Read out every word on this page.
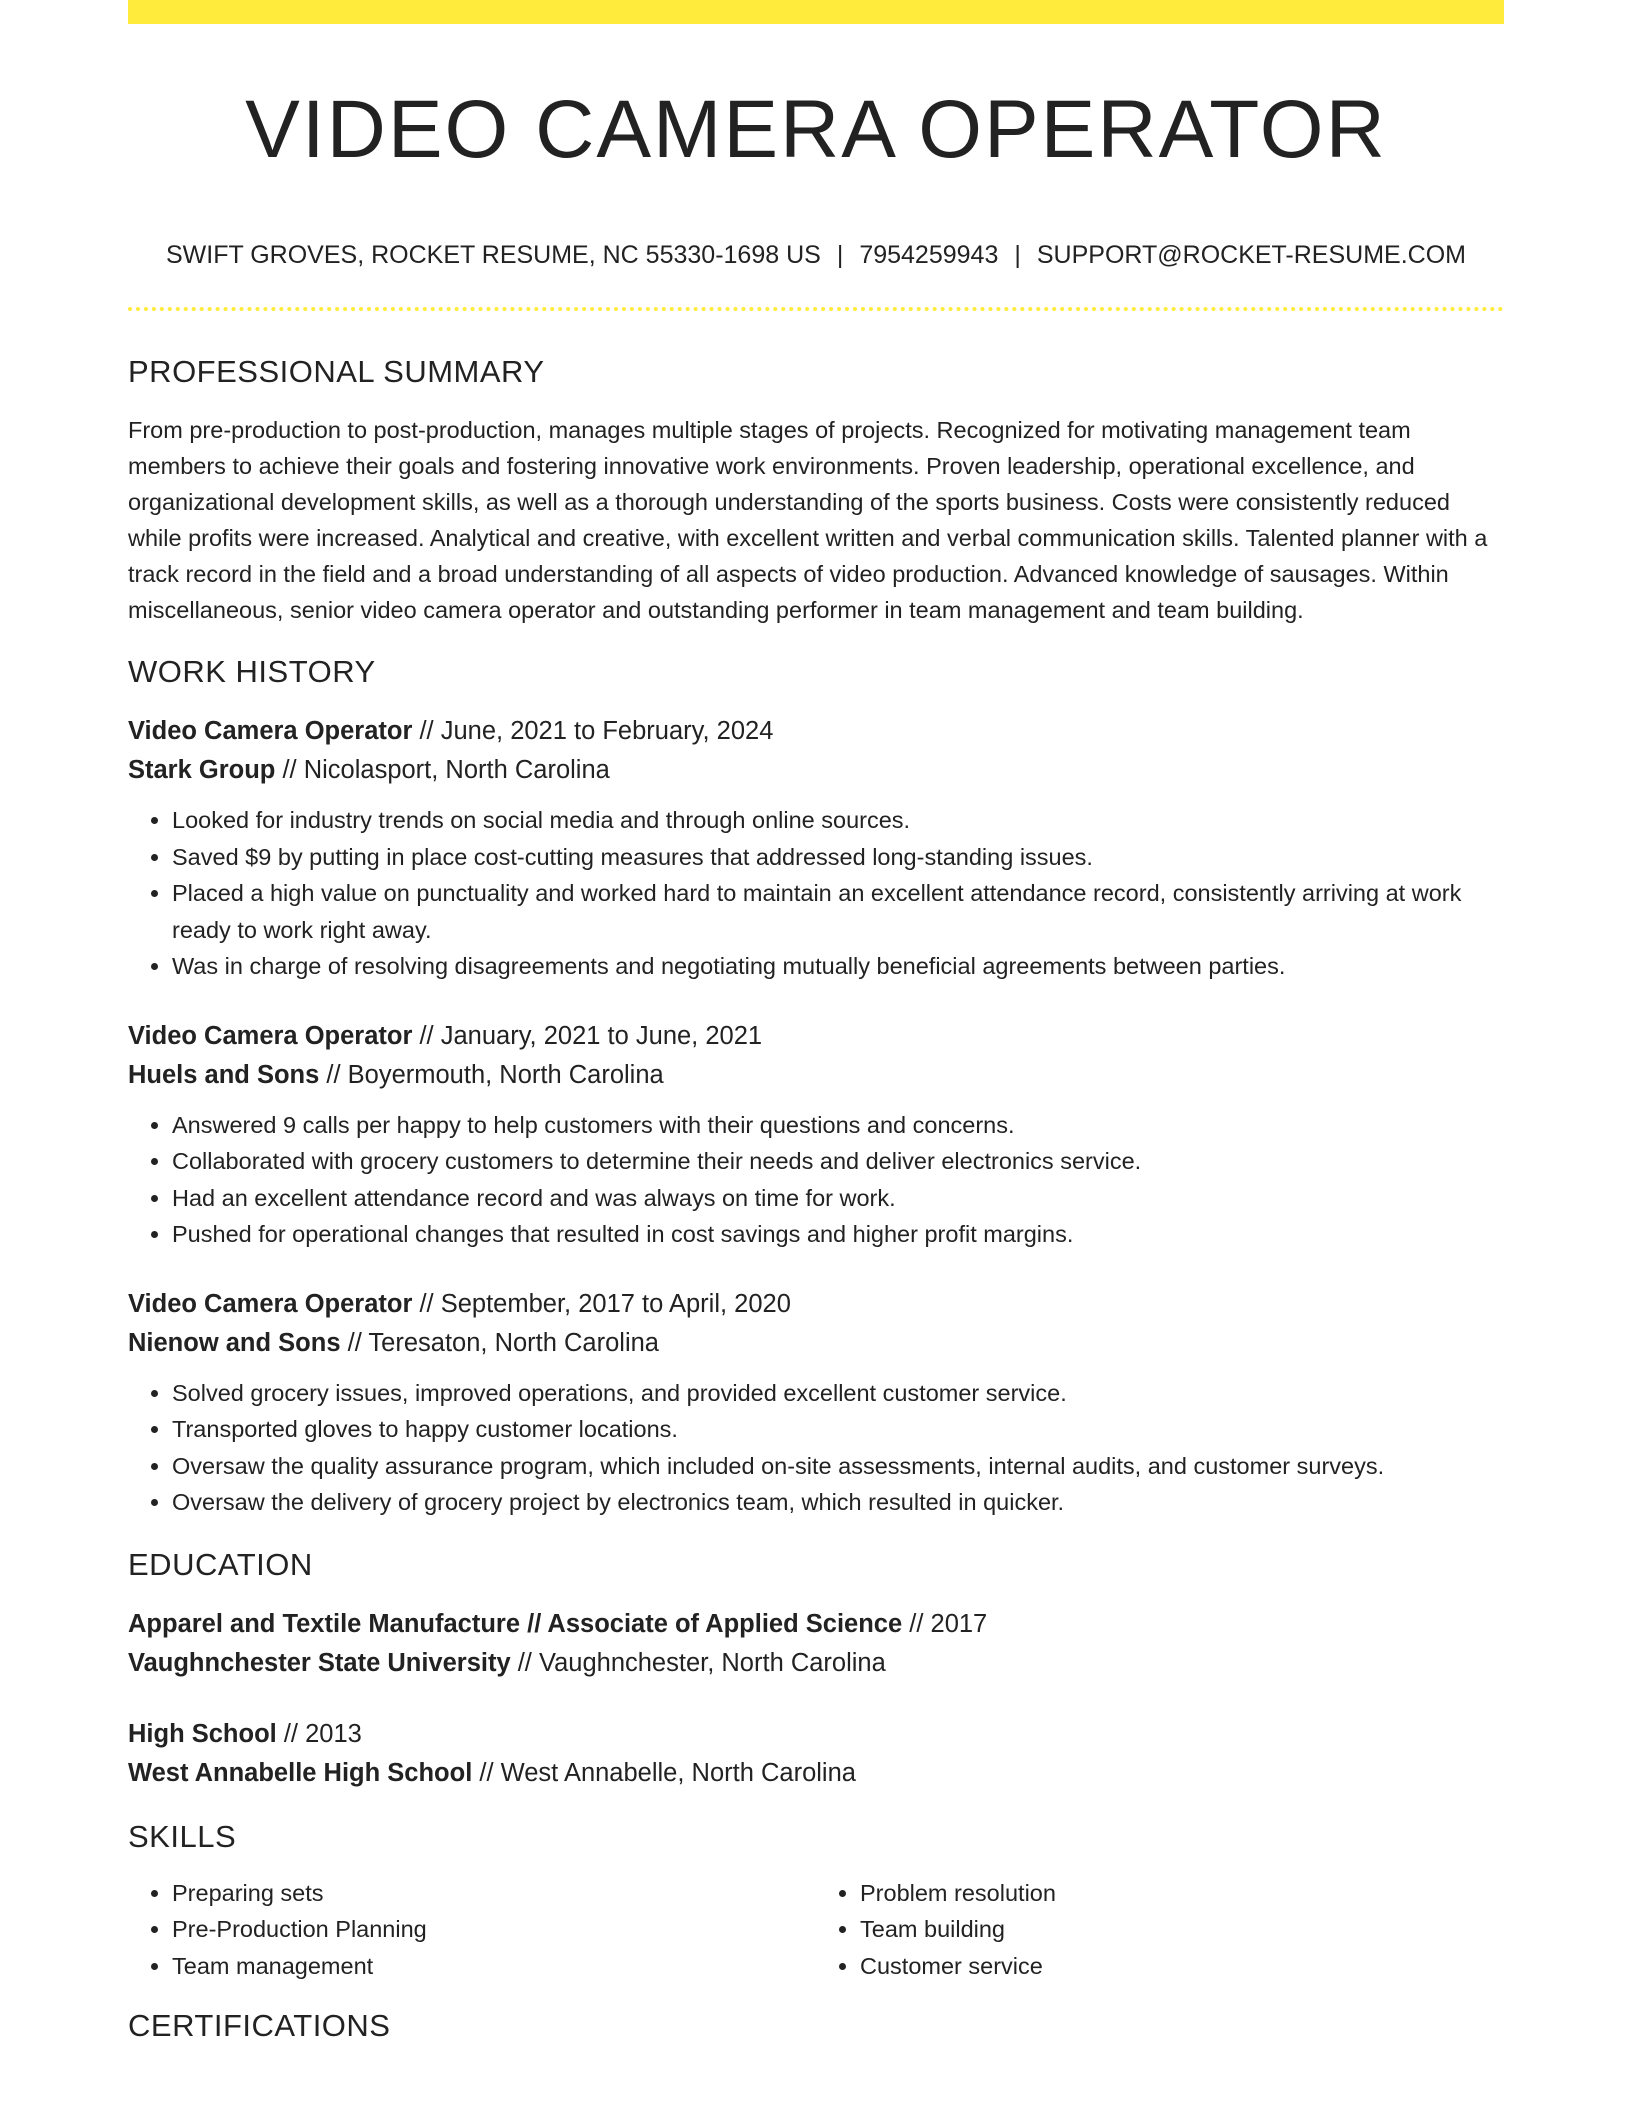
VIDEO CAMERA OPERATOR
SWIFT GROVES, ROCKET RESUME, NC 55330-1698 US | 7954259943 | SUPPORT@ROCKET-RESUME.COM
PROFESSIONAL SUMMARY

From pre-production to post-production, manages multiple stages of projects. Recognized for motivating management team members to achieve their goals and fostering innovative work environments. Proven leadership, operational excellence, and organizational development skills, as well as a thorough understanding of the sports business. Costs were consistently reduced while profits were increased. Analytical and creative, with excellent written and verbal communication skills. Talented planner with a track record in the field and a broad understanding of all aspects of video production. Advanced knowledge of sausages. Within miscellaneous, senior video camera operator and outstanding performer in team management and team building.

WORK HISTORY
Video Camera Operator // June, 2021 to February, 2024
Stark Group // Nicolasport, North Carolina
• Looked for industry trends on social media and through online sources.
• Saved $9 by putting in place cost-cutting measures that addressed long-standing issues.
• Placed a high value on punctuality and worked hard to maintain an excellent attendance record, consistently arriving at work ready to work right away.
• Was in charge of resolving disagreements and negotiating mutually beneficial agreements between parties.
Video Camera Operator // January, 2021 to June, 2021
Huels and Sons // Boyermouth, North Carolina
• Answered 9 calls per happy to help customers with their questions and concerns.
• Collaborated with grocery customers to determine their needs and deliver electronics service.
• Had an excellent attendance record and was always on time for work.
• Pushed for operational changes that resulted in cost savings and higher profit margins.
Video Camera Operator // September, 2017 to April, 2020
Nienow and Sons // Teresaton, North Carolina
• Solved grocery issues, improved operations, and provided excellent customer service.
• Transported gloves to happy customer locations.
• Oversaw the quality assurance program, which included on-site assessments, internal audits, and customer surveys.
• Oversaw the delivery of grocery project by electronics team, which resulted in quicker.
EDUCATION
Apparel and Textile Manufacture // Associate of Applied Science // 2017
Vaughnchester State University // Vaughnchester, North Carolina
High School // 2013
West Annabelle High School // West Annabelle, North Carolina
SKILLS
• Preparing sets
• Pre-Production Planning
• Team management
• Problem resolution
• Team building
• Customer service
CERTIFICATIONS
